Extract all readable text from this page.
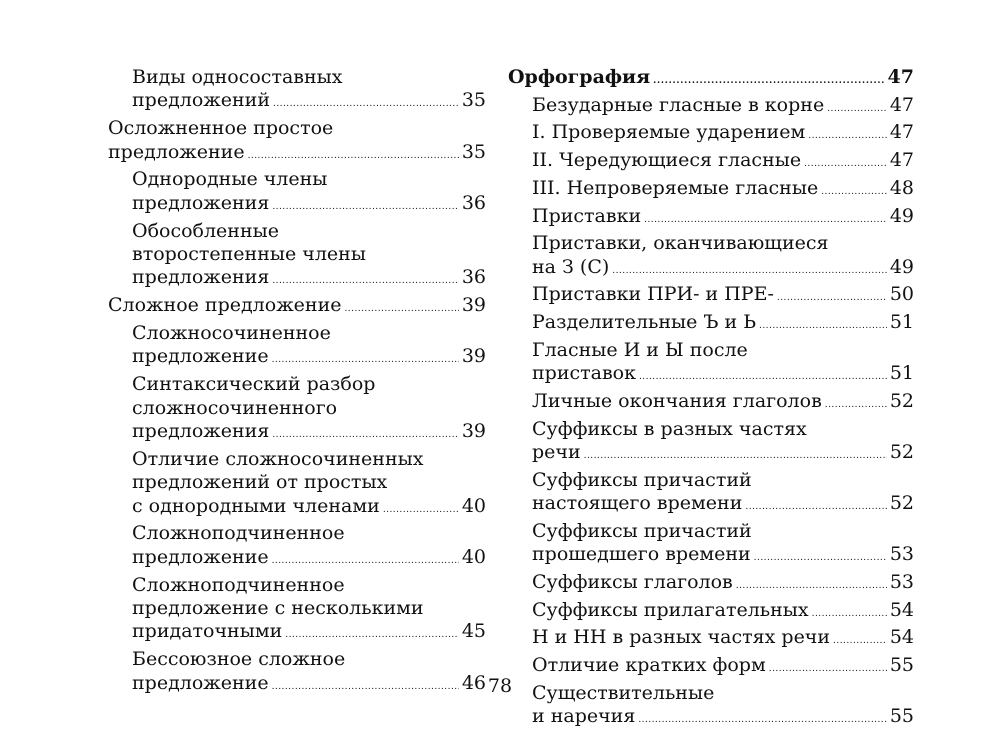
Виды односоставных
предложений . . .	35
Осложненное простое
предложение . . .	35
Однородные члены
предложения . . .	36
Обособленные
второстепенные члены
предложения . . .	36
Сложное предложение . . .	39
Сложносочиненное
предложение . . .	39
Синтаксический разбор
сложносочиненного
предложения . . .	39
Отличие сложносочиненных
предложений от простых
с однородными членами . . .	40
Сложноподчиненное
предложение . . .	40
Сложноподчиненное
предложение с несколькими
придаточными . . .	45
Бессоюзное сложное
предложение . . .	46
Орфография . . .	47
Безударные гласные в корне . . .	47
I. Проверяемые ударением . . .	47
II. Чередующиеся гласные . . .	47
III. Непроверяемые гласные . . .	48
Приставки . . .	49
Приставки, оканчивающиеся
на З (С) . . .	49
Приставки ПРИ- и ПРЕ- . . .	50
Разделительные Ъ и Ь . . .	51
Гласные И и Ы после
приставок . . .	51
Личные окончания глаголов . . .	52
Суффиксы в разных частях
речи . . .	52
Суффиксы причастий
настоящего времени . . .	52
Суффиксы причастий
прошедшего времени . . .	53
Суффиксы глаголов . . .	53
Суффиксы прилагательных . . .	54
Н и НН в разных частях речи . . .	54
Отличие кратких форм . . .	55
Существительные
и наречия . . .	55
78
